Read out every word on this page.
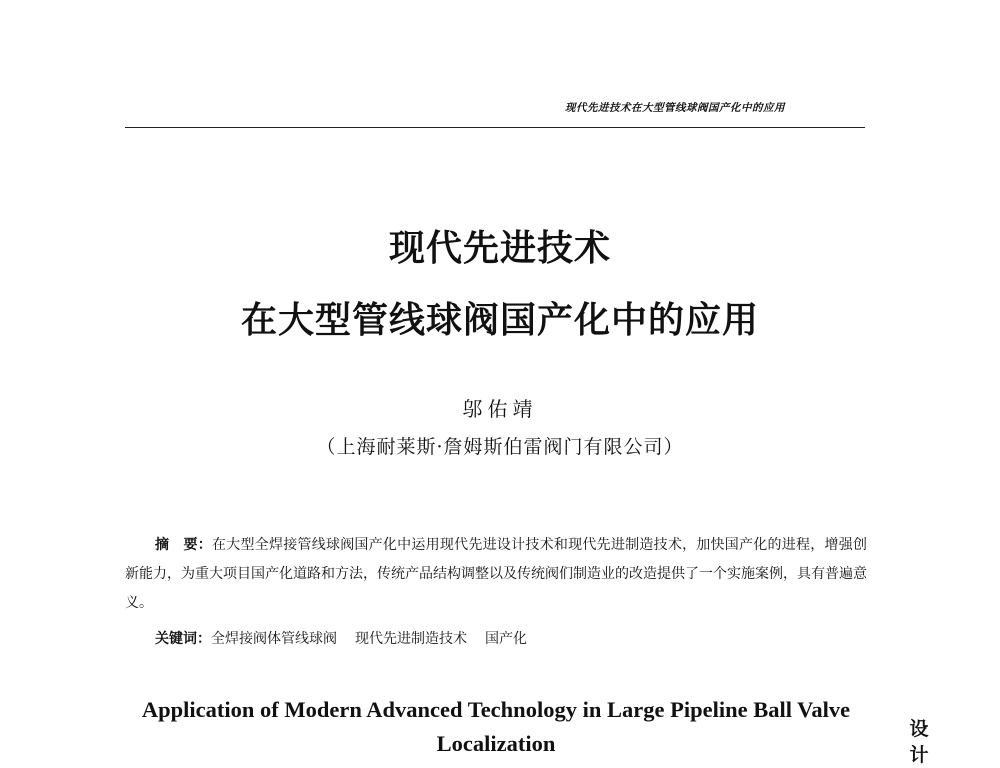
现代先进技术在大型管线球阀国产化中的应用
现代先进技术
在大型管线球阀国产化中的应用
邬佑靖
（上海耐莱斯·詹姆斯伯雷阀门有限公司）
摘　要：在大型全焊接管线球阀国产化中运用现代先进设计技术和现代先进制造技术，加快国产化的进程，增强创新能力，为重大项目国产化道路和方法，传统产品结构调整以及传统阀们制造业的改造提供了一个实施案例，具有普遍意义。
关键词：全焊接阀体管线球阀 现代先进制造技术 国产化
Application of Modern Advanced Technology in Large Pipeline Ball Valve Localization
设计
